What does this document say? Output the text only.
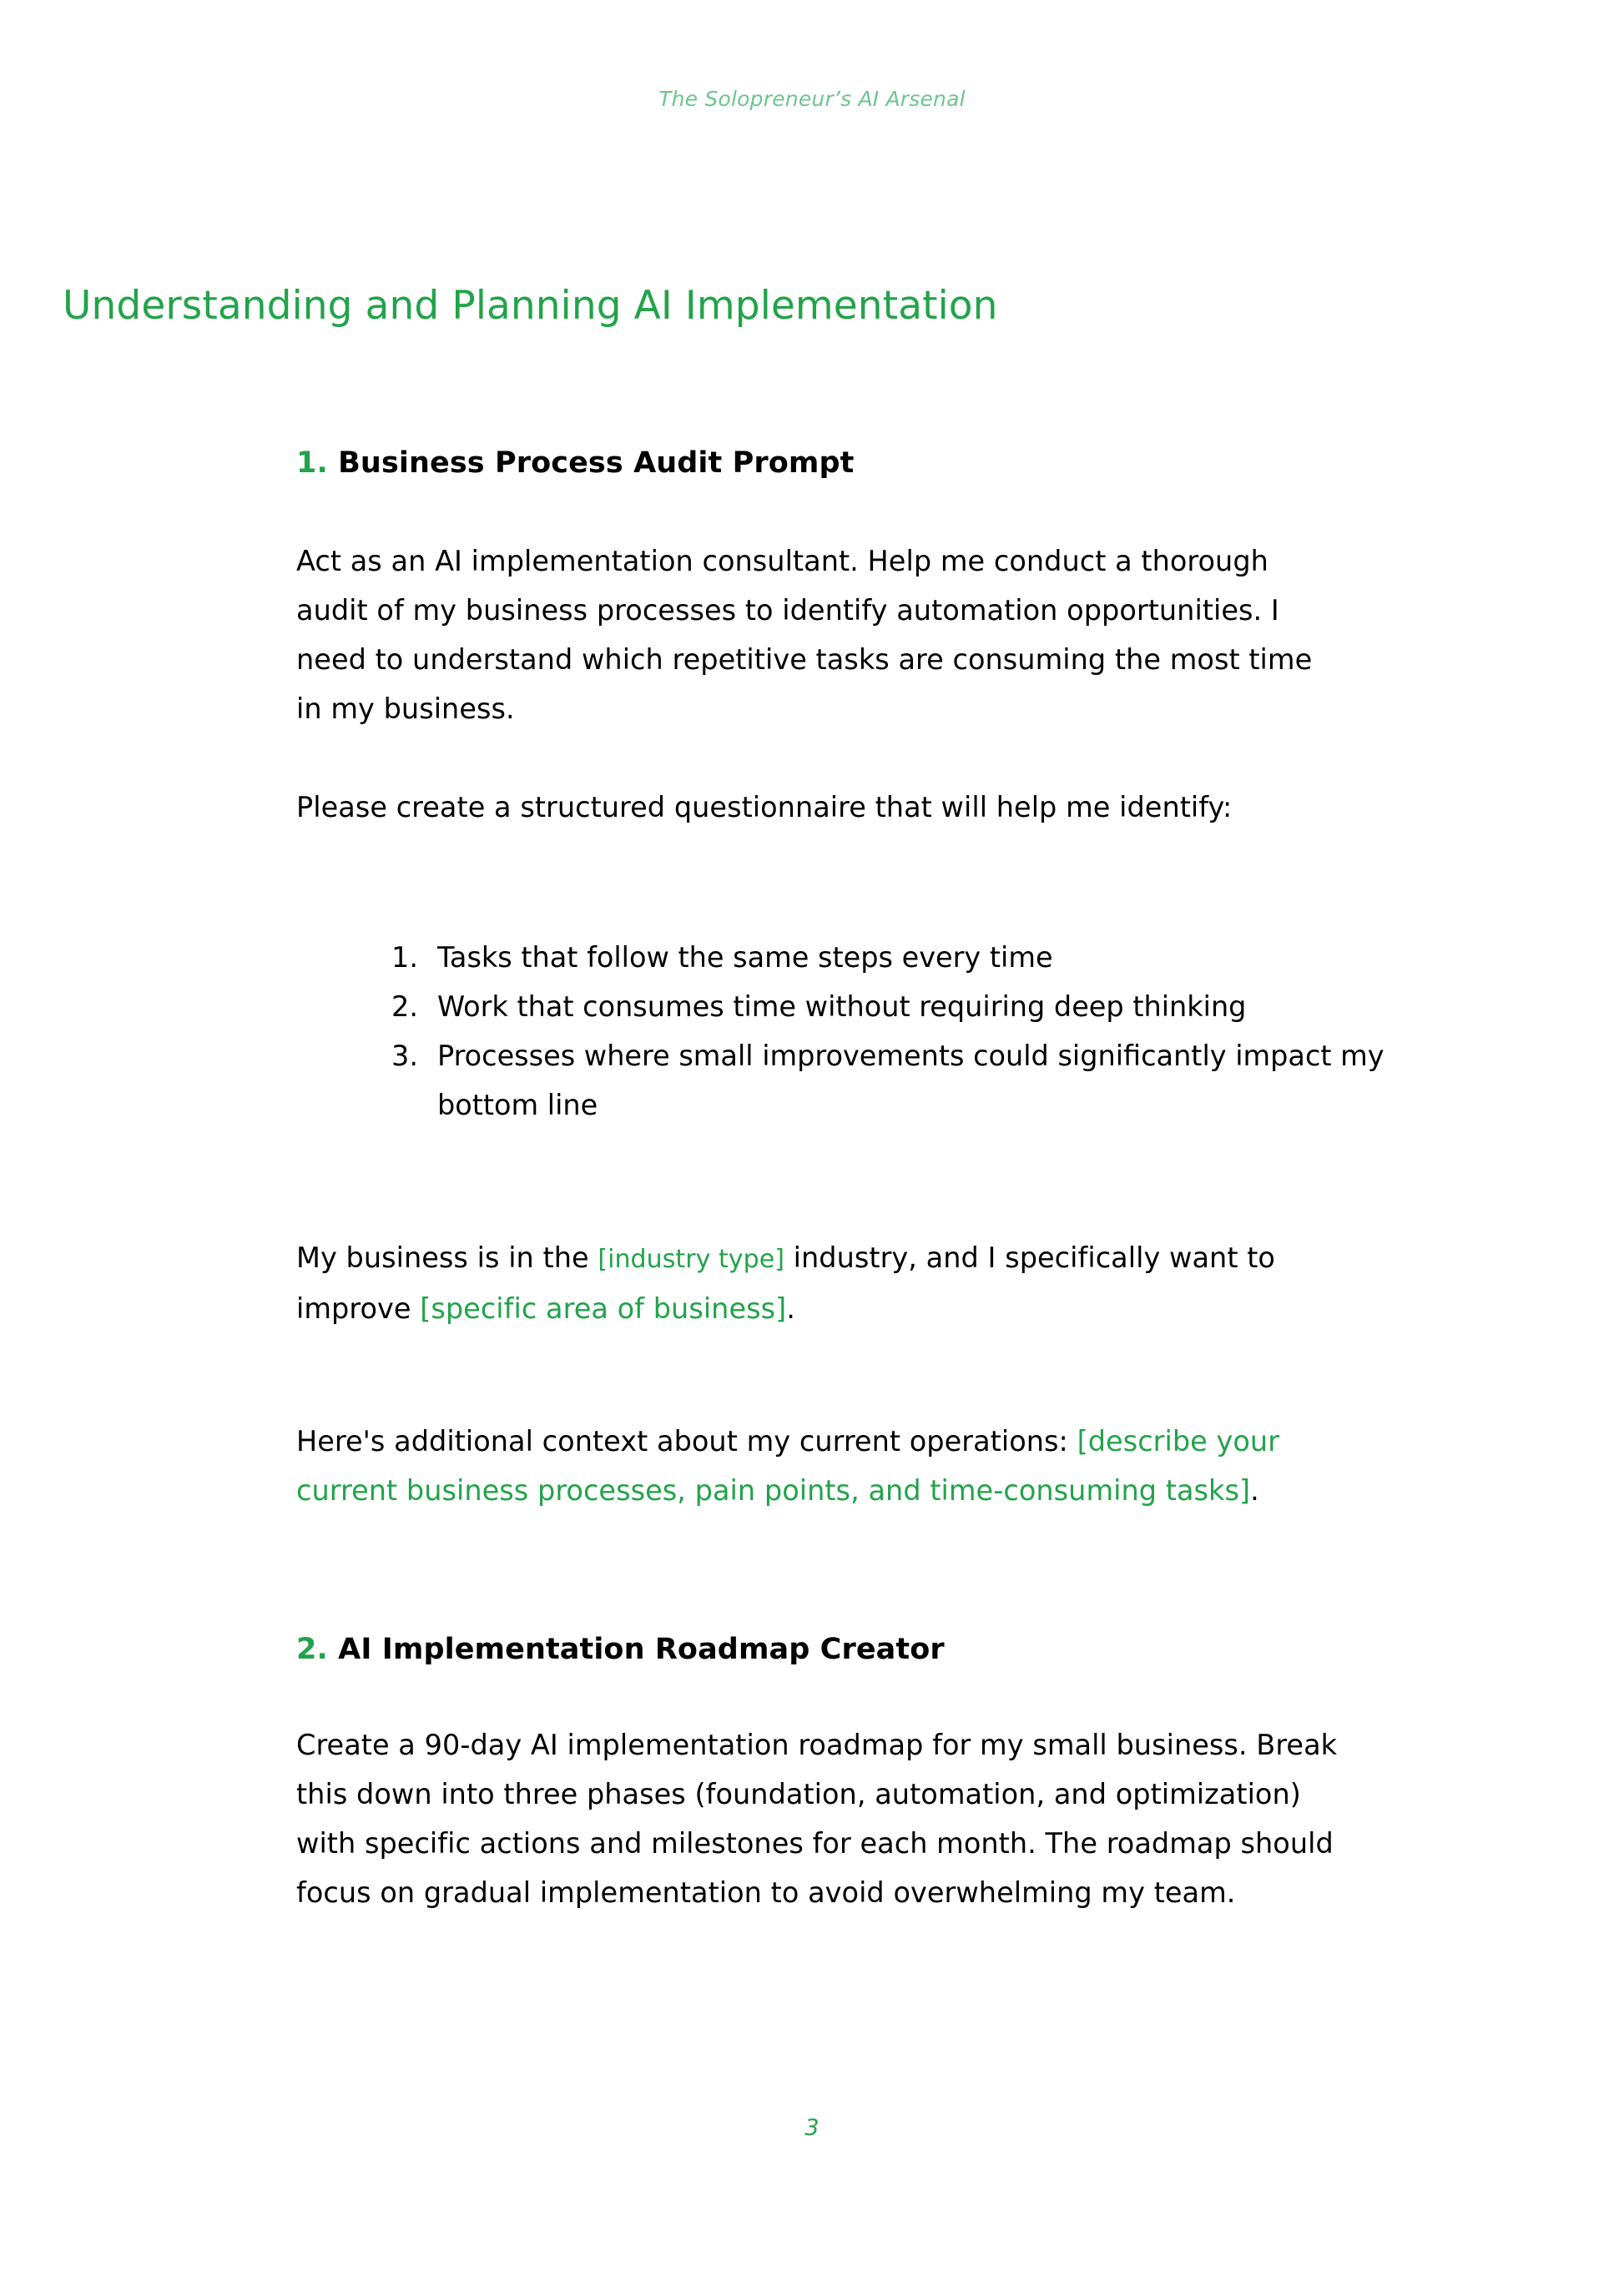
The Solopreneur’s AI Arsenal
Understanding and Planning AI Implementation
1. Business Process Audit Prompt

Act as an AI implementation consultant. Help me conduct a thorough audit of my business processes to identify automation opportunities. I need to understand which repetitive tasks are consuming the most time in my business.

Please create a structured questionnaire that will help me identify:

Tasks that follow the same steps every time
Work that consumes time without requiring deep thinking
Processes where small improvements could significantly impact my bottom line

My business is in the [industry type] industry, and I specifically want to improve [specific area of business].

Here's additional context about my current operations: [describe your current business processes, pain points, and time-consuming tasks].

2. AI Implementation Roadmap Creator

Create a 90-day AI implementation roadmap for my small business. Break this down into three phases (foundation, automation, and optimization) with specific actions and milestones for each month. The roadmap should focus on gradual implementation to avoid overwhelming my team.

3
